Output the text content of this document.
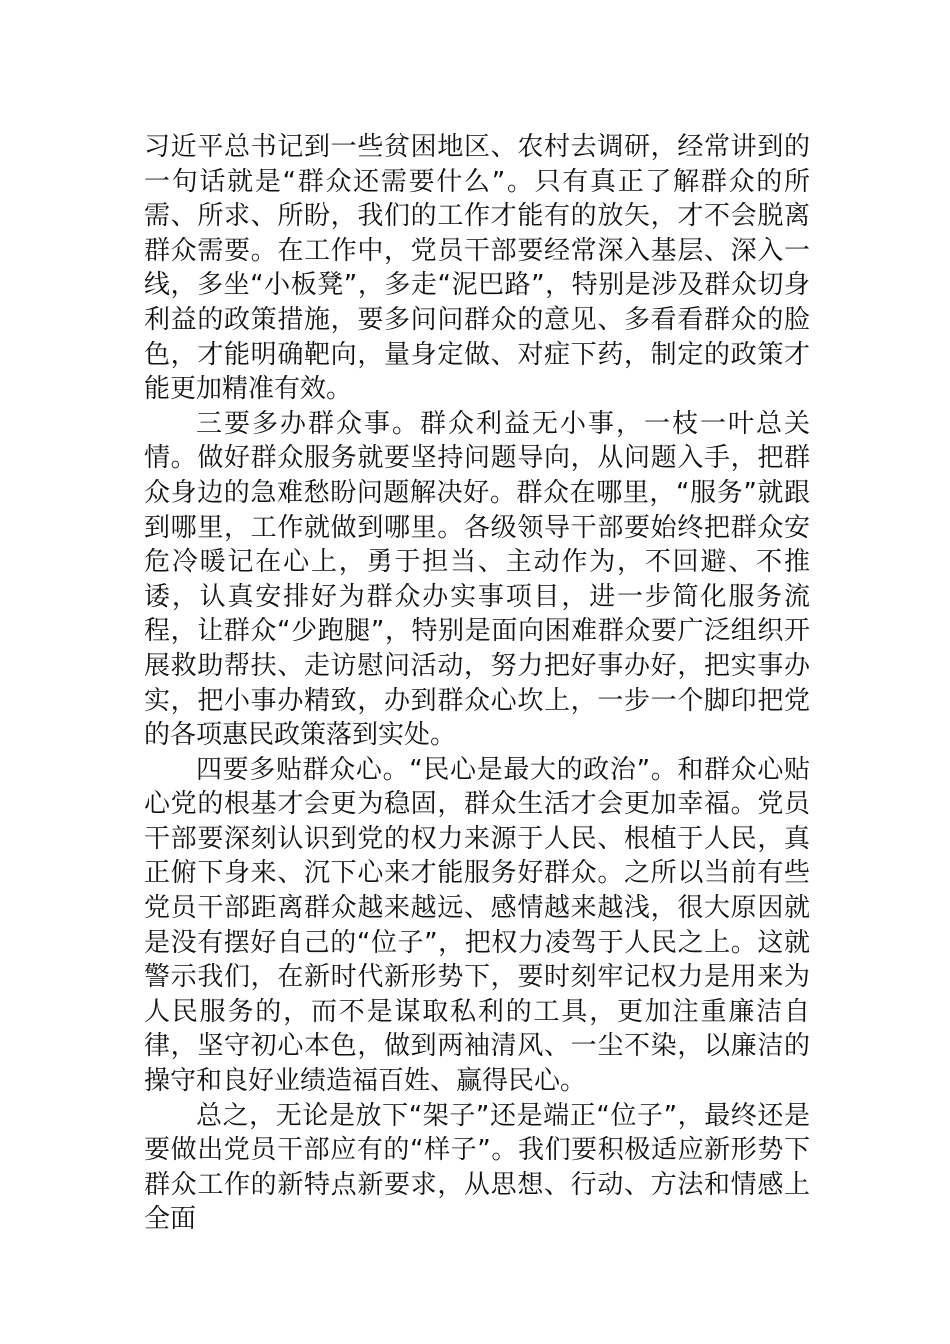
习近平总书记到一些贫困地区、农村去调研，经常讲到的一句话就是“群众还需要什么”。只有真正了解群众的所需、所求、所盼，我们的工作才能有的放矢，才不会脱离群众需要。在工作中，党员干部要经常深入基层、深入一线，多坐“小板凳”，多走“泥巴路”，特别是涉及群众切身利益的政策措施，要多问问群众的意见、多看看群众的脸色，才能明确靶向，量身定做、对症下药，制定的政策才能更加精准有效。

三要多办群众事。群众利益无小事，一枝一叶总关情。做好群众服务就要坚持问题导向，从问题入手，把群众身边的急难愁盼问题解决好。群众在哪里，“服务”就跟到哪里，工作就做到哪里。各级领导干部要始终把群众安危冷暖记在心上，勇于担当、主动作为，不回避、不推诿，认真安排好为群众办实事项目，进一步简化服务流程，让群众“少跑腿”，特别是面向困难群众要广泛组织开展救助帮扶、走访慰问活动，努力把好事办好，把实事办实，把小事办精致，办到群众心坎上，一步一个脚印把党的各项惠民政策落到实处。

四要多贴群众心。“民心是最大的政治”。和群众心贴心党的根基才会更为稳固，群众生活才会更加幸福。党员干部要深刻认识到党的权力来源于人民、根植于人民，真正俯下身来、沉下心来才能服务好群众。之所以当前有些党员干部距离群众越来越远、感情越来越浅，很大原因就是没有摆好自己的“位子”，把权力凌驾于人民之上。这就警示我们，在新时代新形势下，要时刻牢记权力是用来为人民服务的，而不是谋取私利的工具，更加注重廉洁自律，坚守初心本色，做到两袖清风、一尘不染，以廉洁的操守和良好业绩造福百姓、赢得民心。

总之，无论是放下“架子”还是端正“位子”，最终还是要做出党员干部应有的“样子”。我们要积极适应新形势下群众工作的新特点新要求，从思想、行动、方法和情感上全面
